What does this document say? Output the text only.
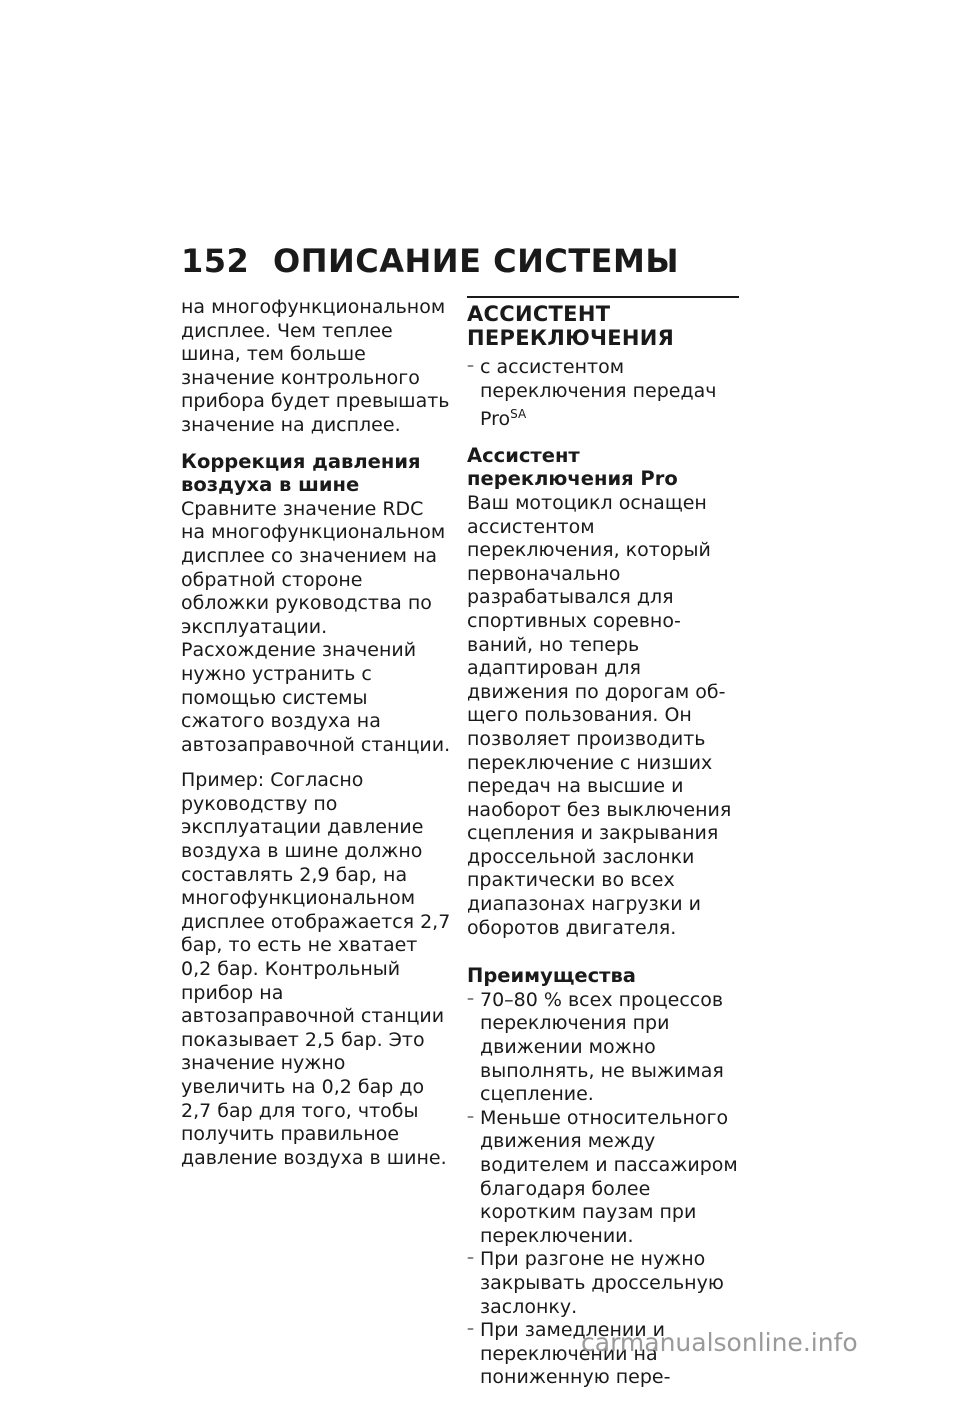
152 ОПИСАНИЕ СИСТЕМЫ

на многофункциональном дисплее. Чем теплее шина, тем больше значение контрольного прибора будет превышать значение на дисплее.

Коррекция давления воздуха в шине

Сравните значение RDC на многофункциональном дисплее со значением на обратной стороне обложки руководства по эксплуатации. Расхождение значений нужно устранить с помощью системы сжатого воздуха на автозаправочной станции.

Пример: Согласно руководству по эксплуатации давление воздуха в шине должно составлять 2,9 бар, на многофункциональном дисплее отображается 2,7 бар, то есть не хватает 0,2 бар. Контрольный прибор на автозаправочной станции показывает 2,5 бар. Это значение нужно увеличить на 0,2 бар до 2,7 бар для того, чтобы получить правильное давление воздуха в шине.

АССИСТЕНТ ПЕРЕКЛЮЧЕНИЯ
– с ассистентом переключения передач Pro$^{SA}$
Ассистент переключения Pro

Ваш мотоцикл оснащен ассистентом переключения, который первоначально разрабатывался для спортивных соревнований, но теперь адаптирован для движения по дорогам общего пользования. Он позволяет производить переключение с низших передач на высшие и наоборот без выключения сцепления и закрывания дроссельной заслонки практически во всех диапазонах нагрузки и оборотов двигателя.

Преимущества
– 70–80 % всех процессов переключения при движении можно выполнять, не выжимая сцепление.
– Меньше относительного движения между водителем и пассажиром благодаря более коротким паузам при переключении.
– При разгоне не нужно закрывать дроссельную заслонку.
– При замедлении и переключении на пониженную пере-
carmanualsonline.info
